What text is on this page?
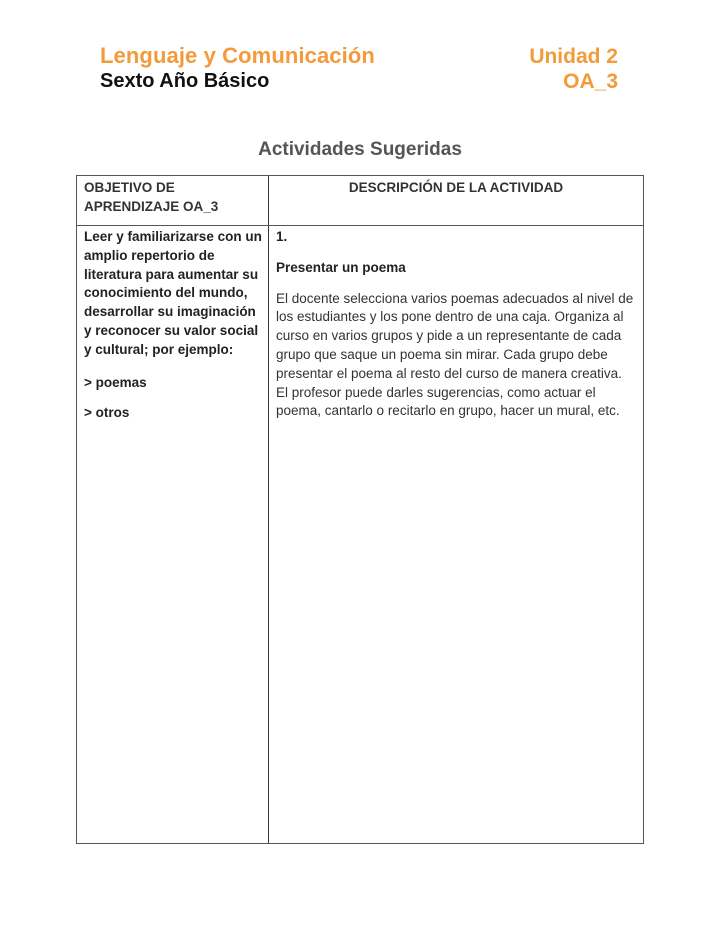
Lenguaje y Comunicación
Sexto Año Básico
Unidad 2
OA_3
Actividades Sugeridas
OBJETIVO DE APRENDIZAJE OA_3
DESCRIPCIÓN DE LA ACTIVIDAD

Leer y familiarizarse con un amplio repertorio de literatura para aumentar su conocimiento del mundo, desarrollar su imaginación y reconocer su valor social y cultural; por ejemplo:

> poemas

> otros

1.

Presentar un poema

El docente selecciona varios poemas adecuados al nivel de los estudiantes y los pone dentro de una caja. Organiza al curso en varios grupos y pide a un representante de cada grupo que saque un poema sin mirar. Cada grupo debe presentar el poema al resto del curso de manera creativa. El profesor puede darles sugerencias, como actuar el poema, cantarlo o recitarlo en grupo, hacer un mural, etc.
